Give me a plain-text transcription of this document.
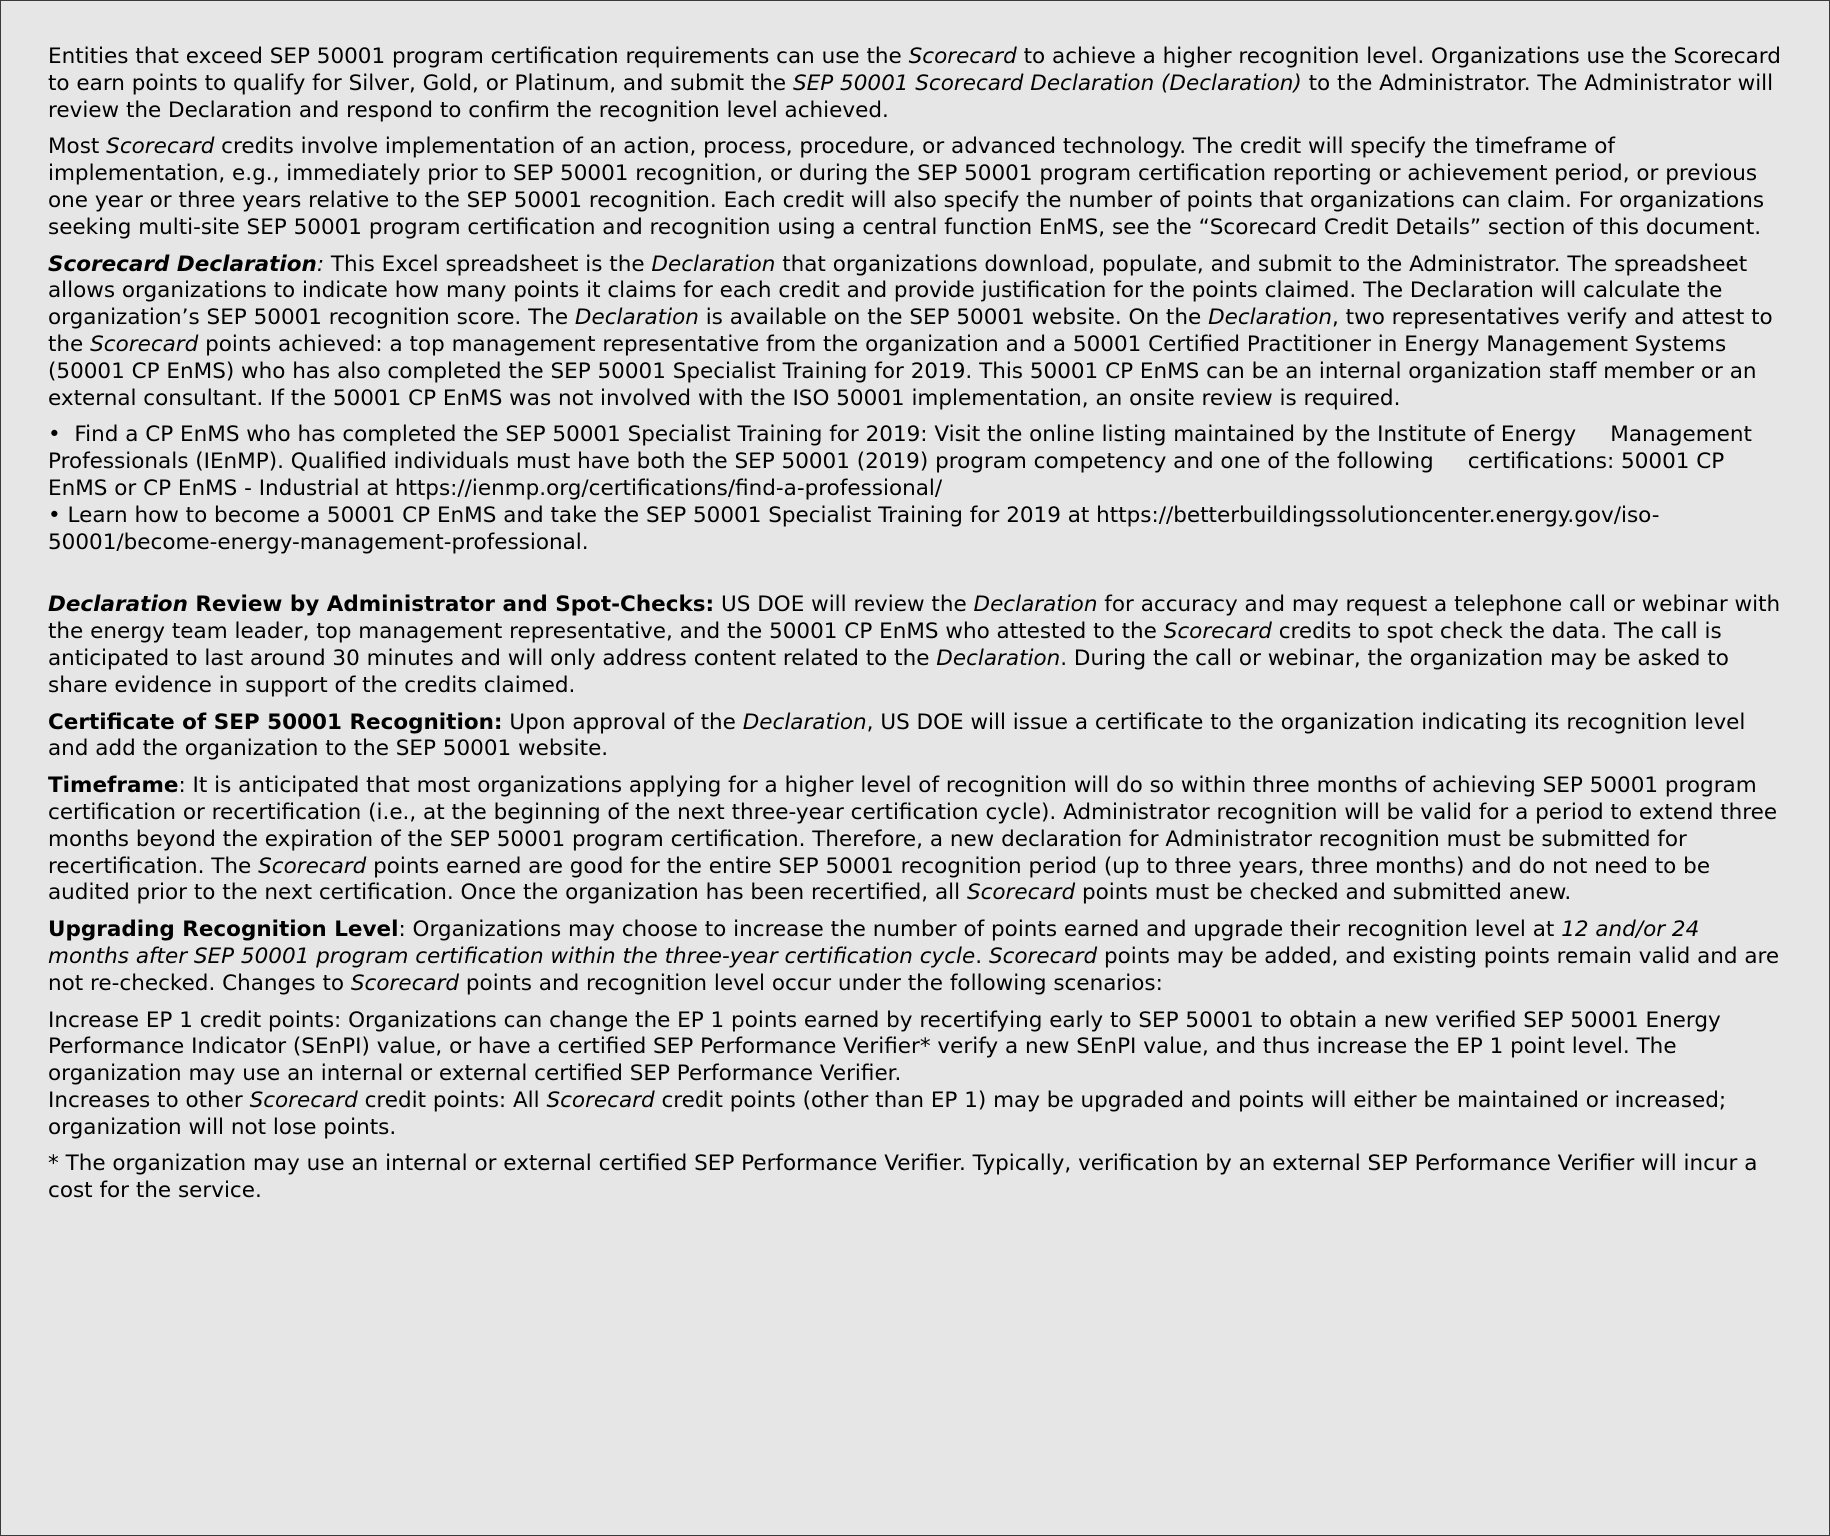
Entities that exceed SEP 50001 program certification requirements can use the Scorecard to achieve a higher recognition level. Organizations use the Scorecard to earn points to qualify for Silver, Gold, or Platinum, and submit the SEP 50001 Scorecard Declaration (Declaration) to the Administrator. The Administrator will review the Declaration and respond to confirm the recognition level achieved.

Most Scorecard credits involve implementation of an action, process, procedure, or advanced technology. The credit will specify the timeframe of implementation, e.g., immediately prior to SEP 50001 recognition, or during the SEP 50001 program certification reporting or achievement period, or previous one year or three years relative to the SEP 50001 recognition. Each credit will also specify the number of points that organizations can claim. For organizations seeking multi-site SEP 50001 program certification and recognition using a central function EnMS, see the “Scorecard Credit Details” section of this document.

Scorecard Declaration: This Excel spreadsheet is the Declaration that organizations download, populate, and submit to the Administrator. The spreadsheet allows organizations to indicate how many points it claims for each credit and provide justification for the points claimed. The Declaration will calculate the organization’s SEP 50001 recognition score. The Declaration is available on the SEP 50001 website. On the Declaration, two representatives verify and attest to the Scorecard points achieved: a top management representative from the organization and a 50001 Certified Practitioner in Energy Management Systems (50001 CP EnMS) who has also completed the SEP 50001 Specialist Training for 2019. This 50001 CP EnMS can be an internal organization staff member or an external consultant. If the 50001 CP EnMS was not involved with the ISO 50001 implementation, an onsite review is required.

•  Find a CP EnMS who has completed the SEP 50001 Specialist Training for 2019: Visit the online listing maintained by the Institute of Energy     Management Professionals (IEnMP). Qualified individuals must have both the SEP 50001 (2019) program competency and one of the following     certifications: 50001 CP EnMS or CP EnMS - Industrial at https://ienmp.org/certifications/find-a-professional/

• Learn how to become a 50001 CP EnMS and take the SEP 50001 Specialist Training for 2019 at https://betterbuildingssolutioncenter.energy.gov/iso-50001/become-energy-management-professional.

Declaration Review by Administrator and Spot-Checks: US DOE will review the Declaration for accuracy and may request a telephone call or webinar with the energy team leader, top management representative, and the 50001 CP EnMS who attested to the Scorecard credits to spot check the data. The call is anticipated to last around 30 minutes and will only address content related to the Declaration. During the call or webinar, the organization may be asked to share evidence in support of the credits claimed.

Certificate of SEP 50001 Recognition: Upon approval of the Declaration, US DOE will issue a certificate to the organization indicating its recognition level and add the organization to the SEP 50001 website.

Timeframe: It is anticipated that most organizations applying for a higher level of recognition will do so within three months of achieving SEP 50001 program certification or recertification (i.e., at the beginning of the next three-year certification cycle). Administrator recognition will be valid for a period to extend three months beyond the expiration of the SEP 50001 program certification. Therefore, a new declaration for Administrator recognition must be submitted for recertification. The Scorecard points earned are good for the entire SEP 50001 recognition period (up to three years, three months) and do not need to be audited prior to the next certification. Once the organization has been recertified, all Scorecard points must be checked and submitted anew.

Upgrading Recognition Level: Organizations may choose to increase the number of points earned and upgrade their recognition level at 12 and/or 24 months after SEP 50001 program certification within the three-year certification cycle. Scorecard points may be added, and existing points remain valid and are not re-checked. Changes to Scorecard points and recognition level occur under the following scenarios:

Increase EP 1 credit points: Organizations can change the EP 1 points earned by recertifying early to SEP 50001 to obtain a new verified SEP 50001 Energy Performance Indicator (SEnPI) value, or have a certified SEP Performance Verifier* verify a new SEnPI value, and thus increase the EP 1 point level. The organization may use an internal or external certified SEP Performance Verifier.

Increases to other Scorecard credit points: All Scorecard credit points (other than EP 1) may be upgraded and points will either be maintained or increased; organization will not lose points.

* The organization may use an internal or external certified SEP Performance Verifier. Typically, verification by an external SEP Performance Verifier will incur a cost for the service.
